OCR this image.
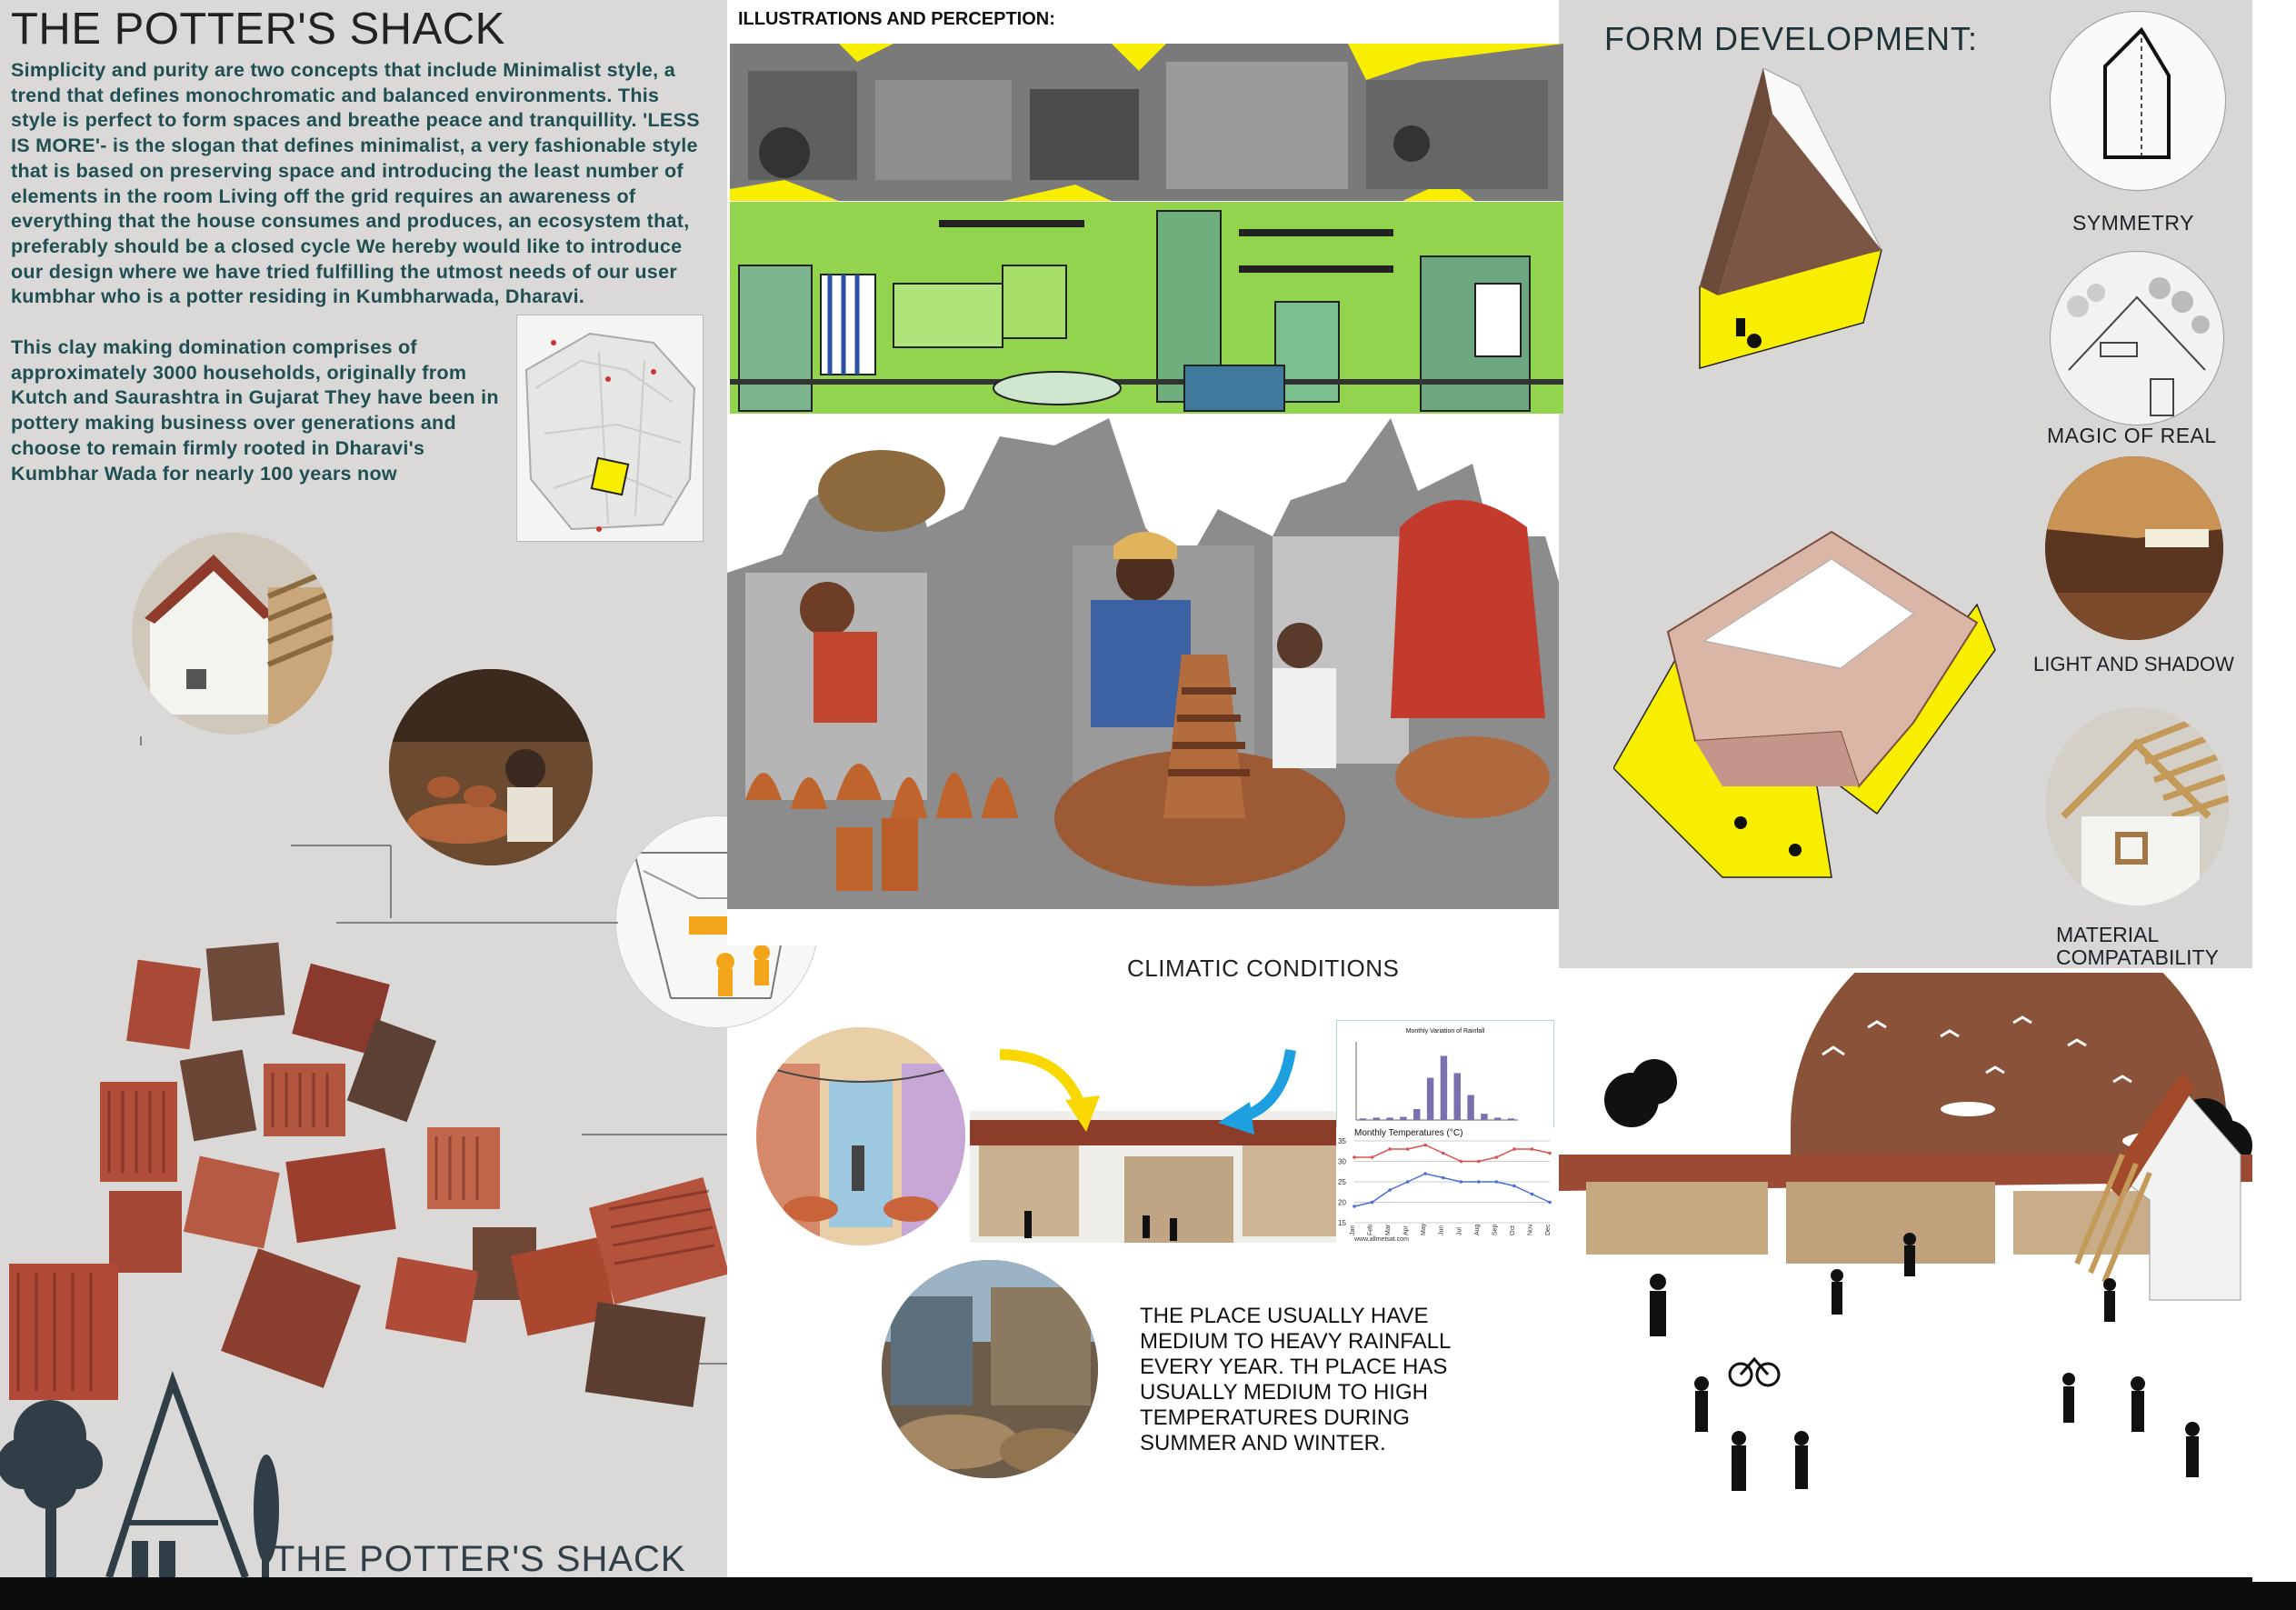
THE POTTER'S SHACK
Simplicity and purity are two concepts that include Minimalist style, a trend that defines monochromatic and balanced environments. This style is perfect to form spaces and breathe peace and tranquillity. 'LESS IS MORE'- is the slogan that defines minimalist, a very fashionable style that is based on preserving space and introducing the least number of elements in the room Living off the grid requires an awareness of everything that the house consumes and produces, an ecosystem that, preferably should be a closed cycle We hereby would like to introduce our design where we have tried fulfilling the utmost needs of our user kumbhar who is a potter residing in Kumbharwada, Dharavi.
This clay making domination comprises of approximately 3000 households, originally from Kutch and Saurashtra in Gujarat They have been in pottery making business over generations and choose to remain firmly rooted in Dharavi's Kumbhar Wada for nearly 100 years now
THE POTTER'S SHACK
ILLUSTRATIONS AND PERCEPTION:
CLIMATIC CONDITIONS
Monthly Variation of Rainfall
Monthly Temperatures (°C)
15
20
25
30
35
Jan Feb Mar Apr May Jun Jul Aug Sep Oct Nov Dec
www.allmetsat.com
THE PLACE USUALLY HAVE MEDIUM TO HEAVY RAINFALL EVERY YEAR. TH PLACE HAS USUALLY MEDIUM TO HIGH TEMPERATURES DURING SUMMER AND WINTER.
FORM DEVELOPMENT:
SYMMETRY
MAGIC OF REAL
LIGHT AND SHADOW
MATERIAL COMPATABILITY
